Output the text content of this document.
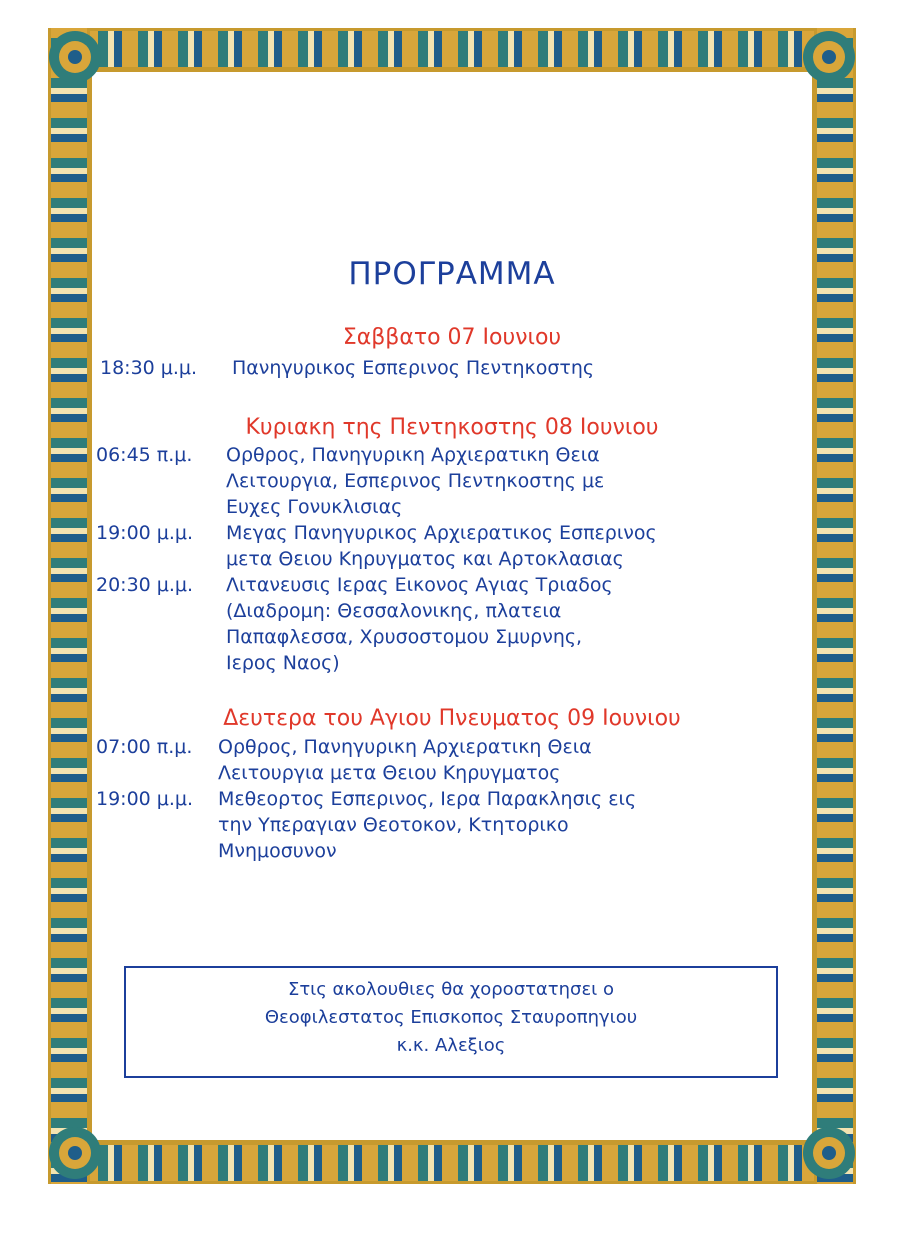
ΠΡΟΓΡΑΜΜΑ
Σαββατο 07 Ιουνιου
18:30 μ.μ. Πανηγυρικος Εσπερινος Πεντηκοστης
Κυριακη της Πεντηκοστης 08 Ιουνιου
06:45 π.μ. Ορθρος, Πανηγυρικη Αρχιερατικη Θεια
Λειτουργια, Εσπερινος Πεντηκοστης με
Ευχες Γονυκλισιας
19:00 μ.μ. Μεγας Πανηγυρικος Αρχιερατικος Εσπερινος
μετα Θειου Κηρυγματος και Αρτοκλασιας
20:30 μ.μ. Λιτανευσις Ιερας Εικονος Αγιας Τριαδος
(Διαδρομη: Θεσσαλονικης, πλατεια
Παπαφλεσσα, Χρυσοστομου Σμυρνης,
Ιερος Ναος)
Δευτερα του Αγιου Πνευματος 09 Ιουνιου
07:00 π.μ. Ορθρος, Πανηγυρικη Αρχιερατικη Θεια
Λειτουργια μετα Θειου Κηρυγματος
19:00 μ.μ. Μεθεορτος Εσπερινος, Ιερα Παρακλησις εις
την Υπεραγιαν Θεοτοκον, Κτητορικο
Μνημοσυνον
Στις ακολουθιες θα χοροστατησει ο
Θεοφιλεστατος Επισκοπος Σταυροπηγιου
κ.κ. Αλεξιος
